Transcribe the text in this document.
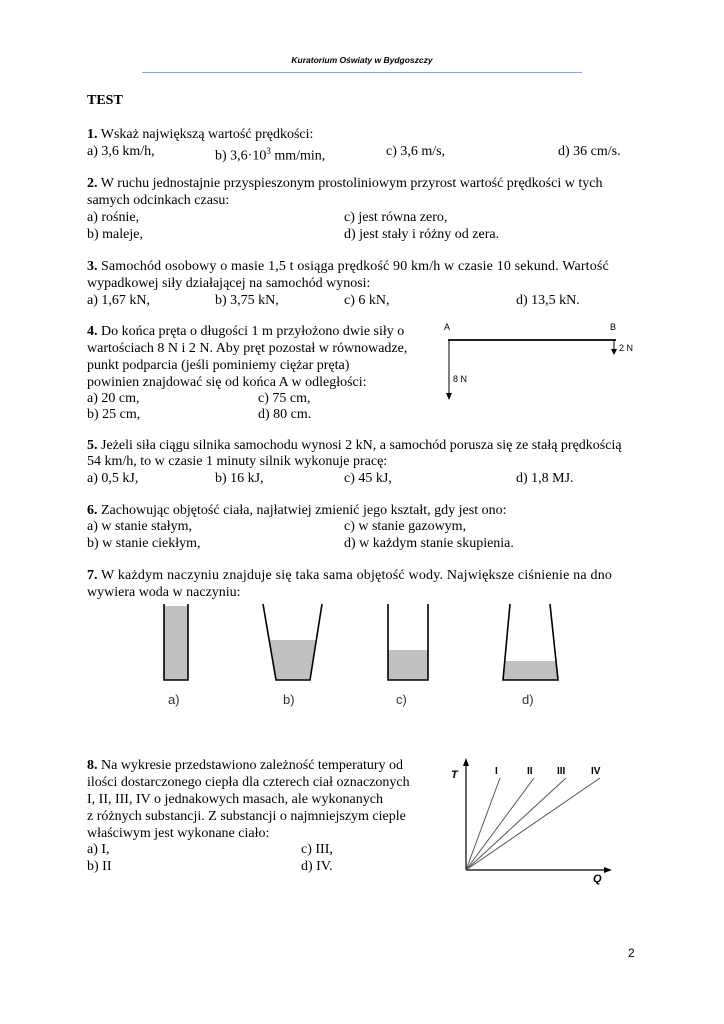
Kuratorium Oświaty w Bydgoszczy
TEST
1. Wskaż największą wartość prędkości:
a) 3,6 km/h,	b) $3,6\cdot 10^3$ mm/min,	c) 3,6 m/s,	d) 36 cm/s.
2. W ruchu jednostajnie przyspieszonym prostoliniowym przyrost wartość prędkości w tych
samych odcinkach czasu:
a) rośnie,
b) maleje,
c) jest równa zero,
d) jest stały i różny od zera.
3. Samochód osobowy o masie 1,5 t osiąga prędkość 90 km/h w czasie 10 sekund. Wartość
wypadkowej siły działającej na samochód wynosi:
a) 1,67 kN,	b) 3,75 kN,	c) 6 kN,	d) 13,5 kN.
4. Do końca pręta o długości 1 m przyłożono dwie siły o
wartościach 8 N i 2 N. Aby pręt pozostał w równowadze,
punkt podparcia (jeśli pominiemy ciężar pręta)
powinien znajdować się od końca A w odległości:
a) 20 cm,
b) 25 cm,
c) 75 cm,
d) 80 cm.
A	B
2 N
8 N
5. Jeżeli siła ciągu silnika samochodu wynosi 2 kN, a samochód porusza się ze stałą prędkością
54 km/h, to w czasie 1 minuty silnik wykonuje pracę:
a) 0,5 kJ,	b) 16 kJ,	c) 45 kJ,	d) 1,8 MJ.
6. Zachowując objętość ciała, najłatwiej zmienić jego kształt, gdy jest ono:
a) w stanie stałym,
b) w stanie ciekłym,
c) w stanie gazowym,
d) w każdym stanie skupienia.
7. W każdym naczyniu znajduje się taka sama objętość wody. Największe ciśnienie na dno
wywiera woda w naczyniu:
a)	b)	c)	d)
8. Na wykresie przedstawiono zależność temperatury od
ilości dostarczonego ciepła dla czterech ciał oznaczonych
I, II, III, IV o jednakowych masach, ale wykonanych
z różnych substancji. Z substancji o najmniejszym cieple
właściwym jest wykonane ciało:
a) I,
b) II
c) III,
d) IV.
T
Q
I	II III	IV
2
